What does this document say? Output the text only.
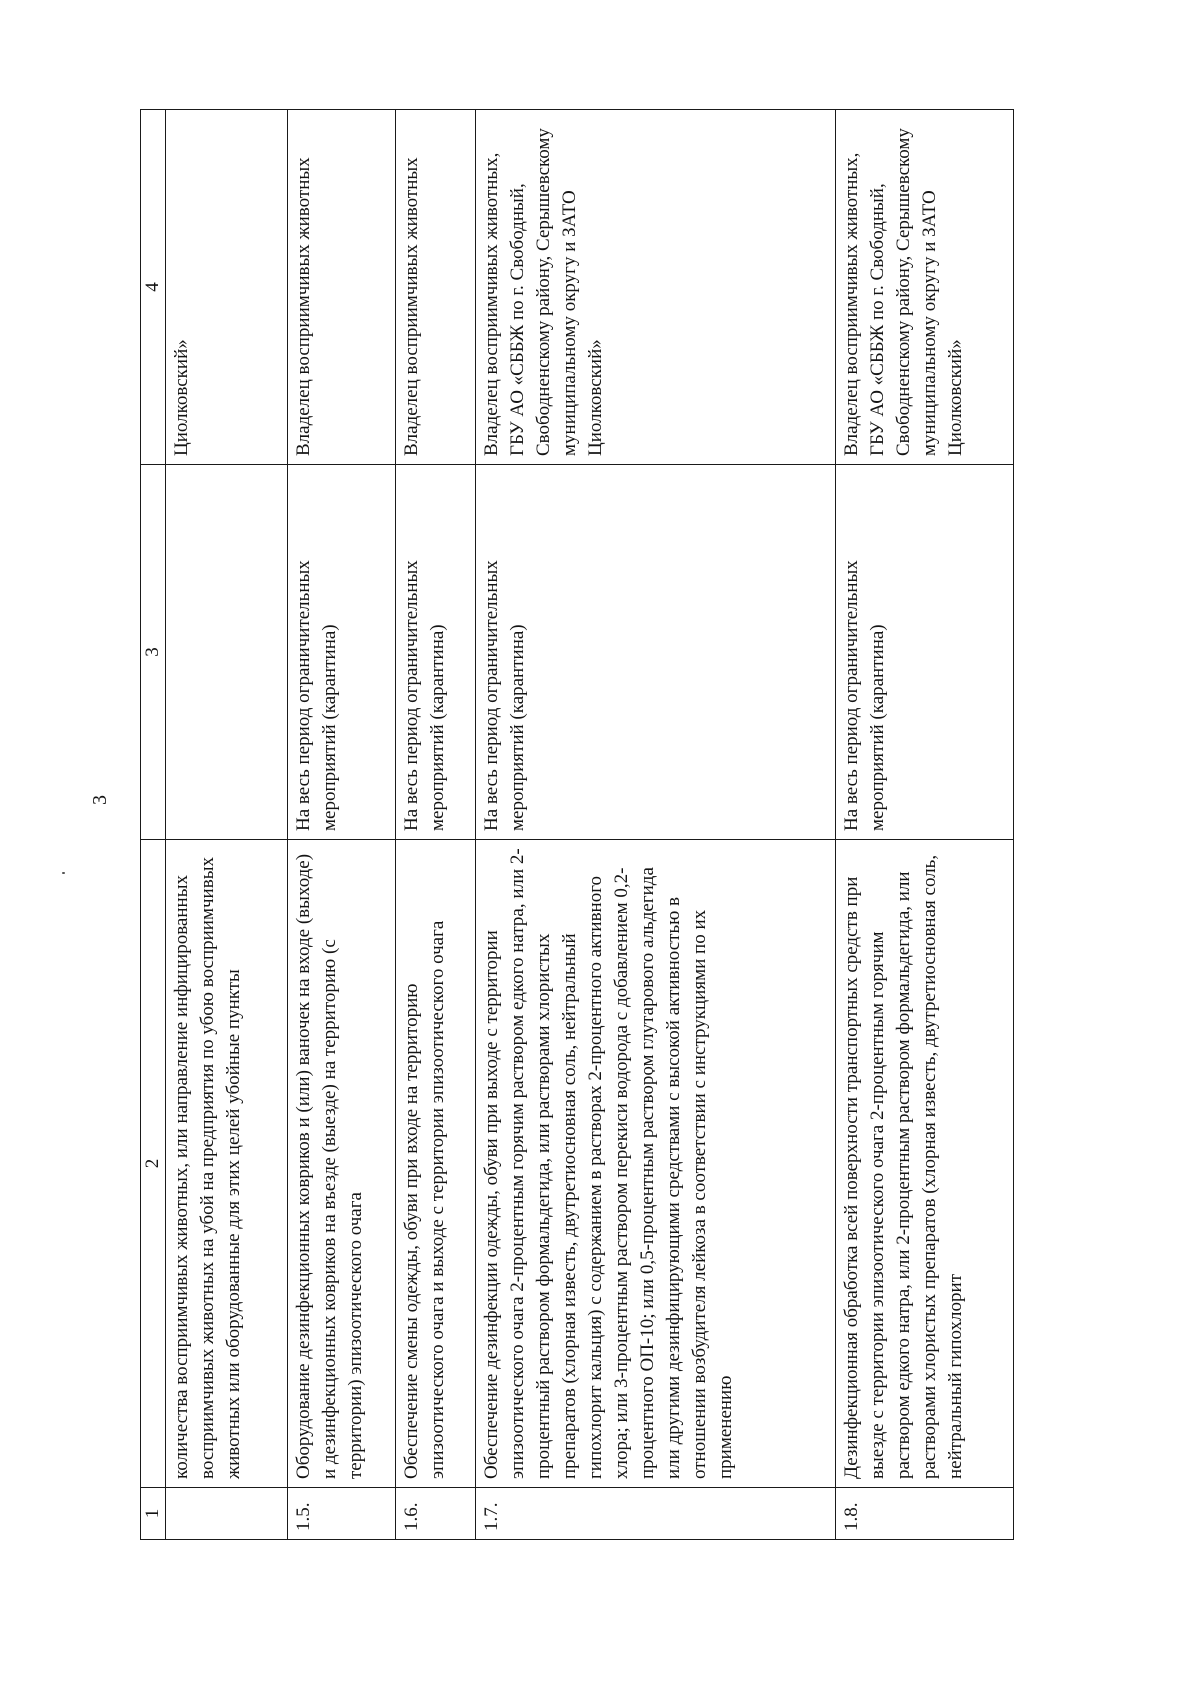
3
1	2	3	4
	количества восприимчивых животных, или направление инфицированных восприимчивых животных на убой на предприятия по убою восприимчивых животных или оборудованные для этих целей убойные пункты		Циолковский»
1.5.	Оборудование дезинфекционных ковриков и (или) ваночек на входе (выходе) и дезинфекционных ковриков на въезде (выезде) на территорию (с территории) эпизоотического очага	На весь период ограничительных мероприятий (карантина)	Владелец восприимчивых животных
1.6.	Обеспечение смены одежды, обуви при входе на территорию эпизоотического очага и выходе с территории эпизоотического очага	На весь период ограничительных мероприятий (карантина)	Владелец восприимчивых животных
1.7.	Обеспечение дезинфекции одежды, обуви при выходе с территории эпизоотического очага 2-процентным горячим раствором едкого натра, или 2-процентный раствором формальдегида, или растворами хлористых препаратов (хлорная известь, двутретиосновная соль, нейтральный гипохлорит кальция) с содержанием в растворах 2-процентного активного хлора; или 3-процентным раствором перекиси водорода с добавлением 0,2-процентного ОП-10; или 0,5-процентным раствором глутарового альдегида или другими дезинфицирующими средствами с высокой активностью в отношении возбудителя лейкоза в соответствии с инструкциями по их применению	На весь период ограничительных мероприятий (карантина)	Владелец восприимчивых животных, ГБУ АО «СББЖ по г. Свободный, Свободненскому району, Серышевскому муниципальному округу и ЗАТО Циолковский»
1.8.	Дезинфекционная обработка всей поверхности транспортных средств при выезде с территории эпизоотического очага 2-процентным горячим раствором едкого натра, или 2-процентным раствором формальдегида, или растворами хлористых препаратов (хлорная известь, двутретиосновная соль, нейтральный гипохлорит	На весь период ограничительных мероприятий (карантина)	Владелец восприимчивых животных, ГБУ АО «СББЖ по г. Свободный, Свободненскому району, Серышевскому муниципальному округу и ЗАТО Циолковский»
